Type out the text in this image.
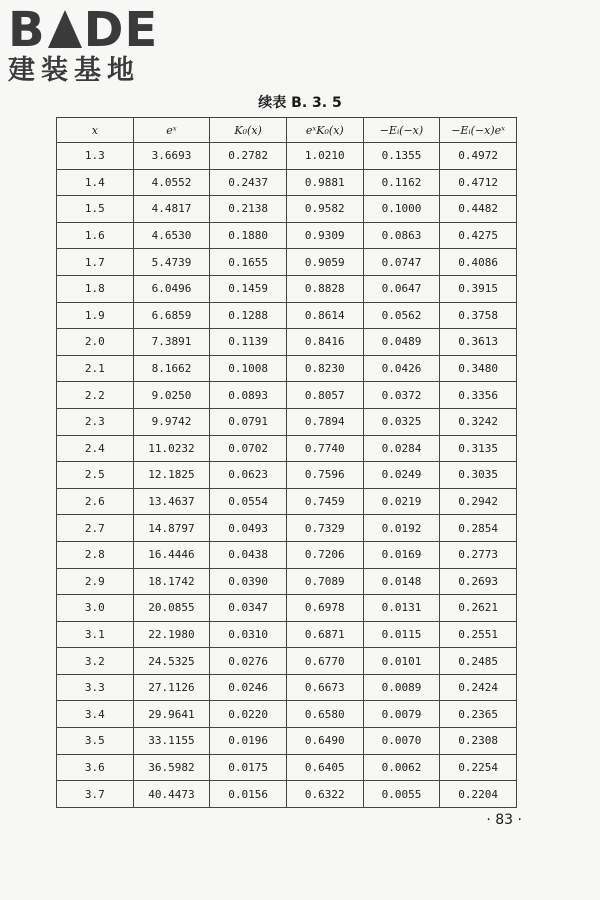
B DE
建装基地
续表 B. 3. 5
x	eˣ	K₀(x)	eˣK₀(x)	−Eᵢ(−x)	−Eᵢ(−x)eˣ
1.3	3.6693	0.2782	1.0210	0.1355	0.4972
1.4	4.0552	0.2437	0.9881	0.1162	0.4712
1.5	4.4817	0.2138	0.9582	0.1000	0.4482
1.6	4.6530	0.1880	0.9309	0.0863	0.4275
1.7	5.4739	0.1655	0.9059	0.0747	0.4086
1.8	6.0496	0.1459	0.8828	0.0647	0.3915
1.9	6.6859	0.1288	0.8614	0.0562	0.3758
2.0	7.3891	0.1139	0.8416	0.0489	0.3613
2.1	8.1662	0.1008	0.8230	0.0426	0.3480
2.2	9.0250	0.0893	0.8057	0.0372	0.3356
2.3	9.9742	0.0791	0.7894	0.0325	0.3242
2.4	11.0232	0.0702	0.7740	0.0284	0.3135
2.5	12.1825	0.0623	0.7596	0.0249	0.3035
2.6	13.4637	0.0554	0.7459	0.0219	0.2942
2.7	14.8797	0.0493	0.7329	0.0192	0.2854
2.8	16.4446	0.0438	0.7206	0.0169	0.2773
2.9	18.1742	0.0390	0.7089	0.0148	0.2693
3.0	20.0855	0.0347	0.6978	0.0131	0.2621
3.1	22.1980	0.0310	0.6871	0.0115	0.2551
3.2	24.5325	0.0276	0.6770	0.0101	0.2485
3.3	27.1126	0.0246	0.6673	0.0089	0.2424
3.4	29.9641	0.0220	0.6580	0.0079	0.2365
3.5	33.1155	0.0196	0.6490	0.0070	0.2308
3.6	36.5982	0.0175	0.6405	0.0062	0.2254
3.7	40.4473	0.0156	0.6322	0.0055	0.2204
· 83 ·
